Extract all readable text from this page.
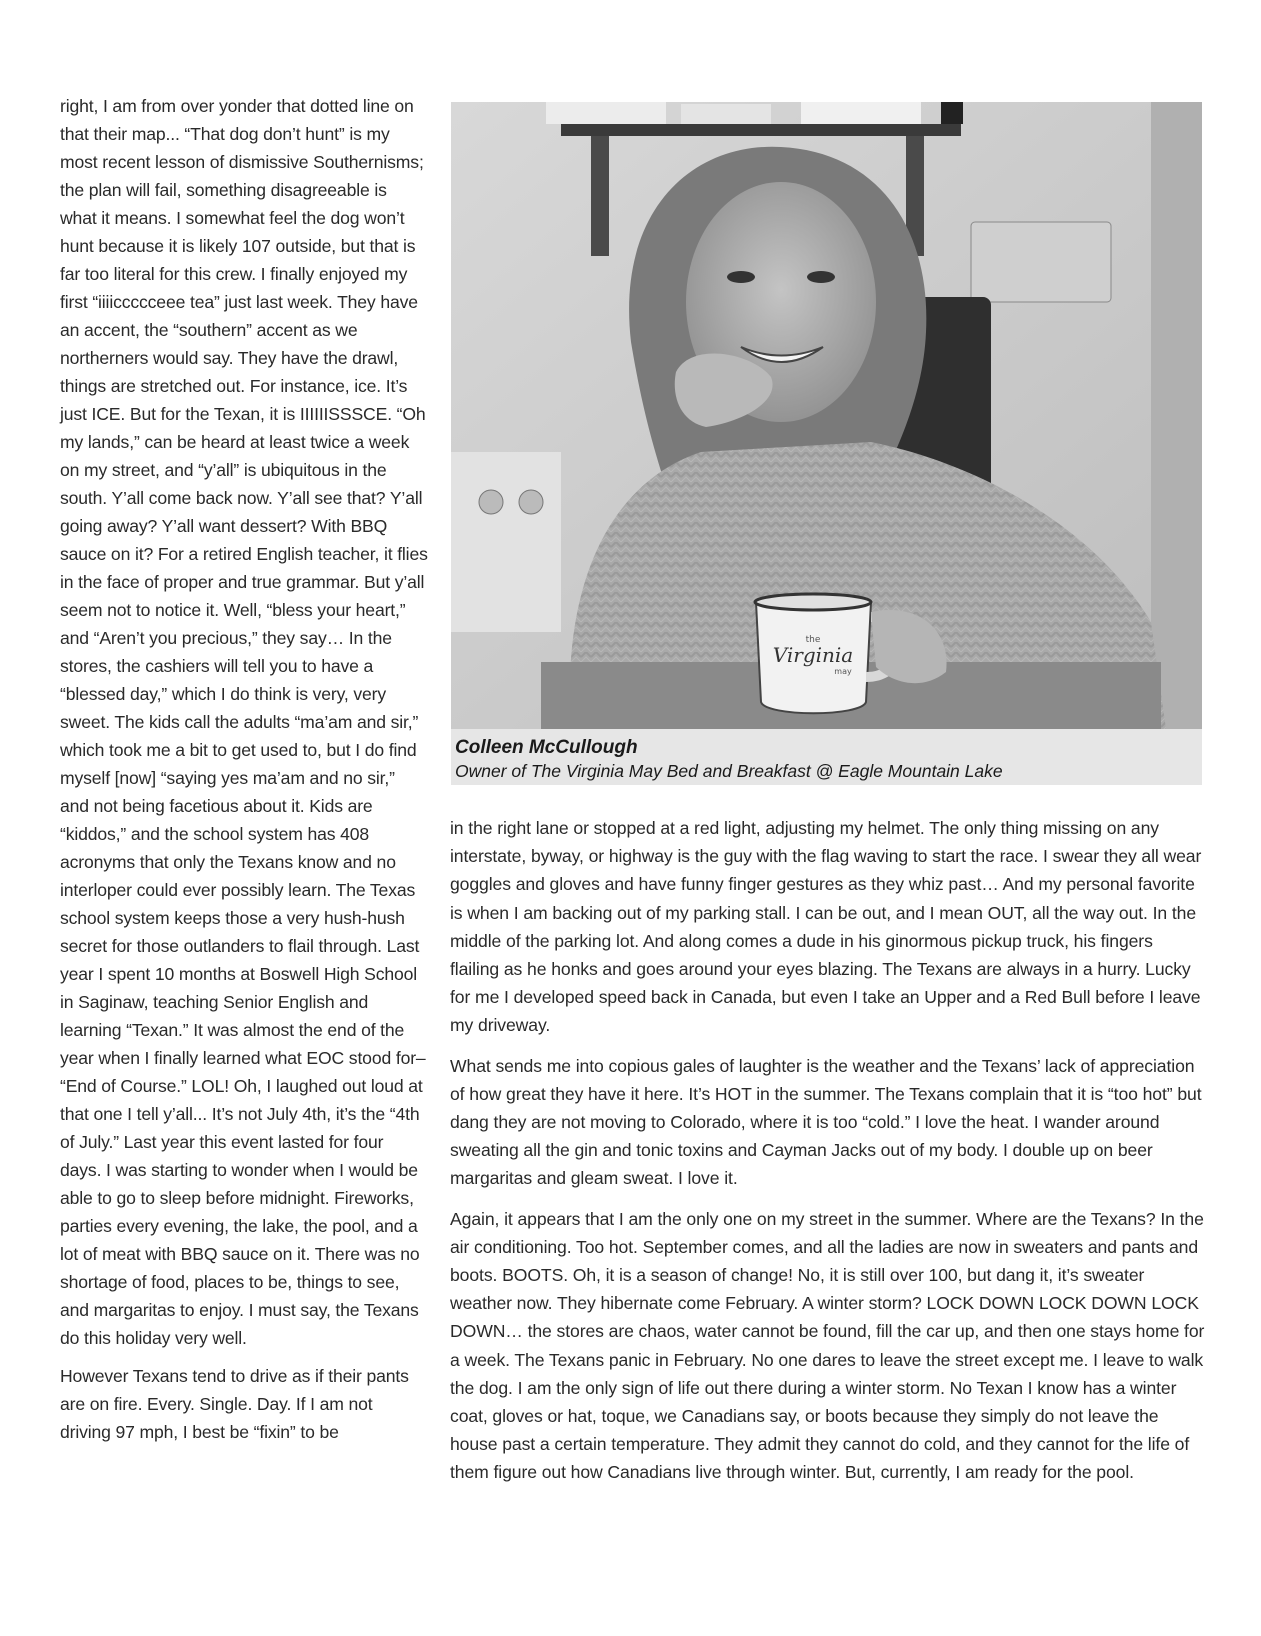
right, I am from over yonder that dotted line on that their map... “That dog don’t hunt” is my most recent lesson of dismissive Southernisms; the plan will fail, something disagreeable is what it means. I somewhat feel the dog won’t hunt because it is likely 107 outside, but that is far too literal for this crew. I finally enjoyed my first “iiiiccccceee tea” just last week. They have an accent, the “southern” accent as we northerners would say. They have the drawl, things are stretched out. For instance, ice. It’s just ICE. But for the Texan, it is IIIIIISSSCE. “Oh my lands,” can be heard at least twice a week on my street, and “y’all” is ubiquitous in the south. Y’all come back now. Y’all see that? Y’all going away? Y’all want dessert? With BBQ sauce on it? For a retired English teacher, it flies in the face of proper and true grammar. But y’all seem not to notice it. Well, “bless your heart,” and “Aren’t you precious,” they say… In the stores, the cashiers will tell you to have a “blessed day,” which I do think is very, very sweet. The kids call the adults “ma’am and sir,” which took me a bit to get used to, but I do find myself [now] “saying yes ma’am and no sir,” and not being facetious about it. Kids are “kiddos,” and the school system has 408 acronyms that only the Texans know and no interloper could ever possibly learn. The Texas school system keeps those a very hush-hush secret for those outlanders to flail through. Last year I spent 10 months at Boswell High School in Saginaw, teaching Senior English and learning “Texan.” It was almost the end of the year when I finally learned what EOC stood for– “End of Course.” LOL! Oh, I laughed out loud at that one I tell y’all... It’s not July 4th, it’s the “4th of July.” Last year this event lasted for four days. I was starting to wonder when I would be able to go to sleep before midnight. Fireworks, parties every evening, the lake, the pool, and a lot of meat with BBQ sauce on it. There was no shortage of food, places to be, things to see, and margaritas to enjoy. I must say, the Texans do this holiday very well.

However Texans tend to drive as if their pants are on fire. Every. Single. Day. If I am not driving 97 mph, I best be “fixin” to be

the
Virginia
may
Colleen McCullough
Owner of The Virginia May Bed and Breakfast @ Eagle Mountain Lake

in the right lane or stopped at a red light, adjusting my helmet. The only thing missing on any interstate, byway, or highway is the guy with the flag waving to start the race. I swear they all wear goggles and gloves and have funny finger gestures as they whiz past… And my personal favorite is when I am backing out of my parking stall. I can be out, and I mean OUT, all the way out. In the middle of the parking lot. And along comes a dude in his ginormous pickup truck, his fingers flailing as he honks and goes around your eyes blazing. The Texans are always in a hurry. Lucky for me I developed speed back in Canada, but even I take an Upper and a Red Bull before I leave my driveway.

What sends me into copious gales of laughter is the weather and the Texans’ lack of appreciation of how great they have it here. It’s HOT in the summer. The Texans complain that it is “too hot” but dang they are not moving to Colorado, where it is too “cold.” I love the heat. I wander around sweating all the gin and tonic toxins and Cayman Jacks out of my body. I double up on beer margaritas and gleam sweat. I love it.

Again, it appears that I am the only one on my street in the summer. Where are the Texans? In the air conditioning. Too hot. September comes, and all the ladies are now in sweaters and pants and boots. BOOTS. Oh, it is a season of change! No, it is still over 100, but dang it, it’s sweater weather now. They hibernate come February. A winter storm? LOCK DOWN LOCK DOWN LOCK DOWN… the stores are chaos, water cannot be found, fill the car up, and then one stays home for a week. The Texans panic in February. No one dares to leave the street except me. I leave to walk the dog. I am the only sign of life out there during a winter storm. No Texan I know has a winter coat, gloves or hat, toque, we Canadians say, or boots because they simply do not leave the house past a certain temperature. They admit they cannot do cold, and they cannot for the life of them figure out how Canadians live through winter. But, currently, I am ready for the pool.
